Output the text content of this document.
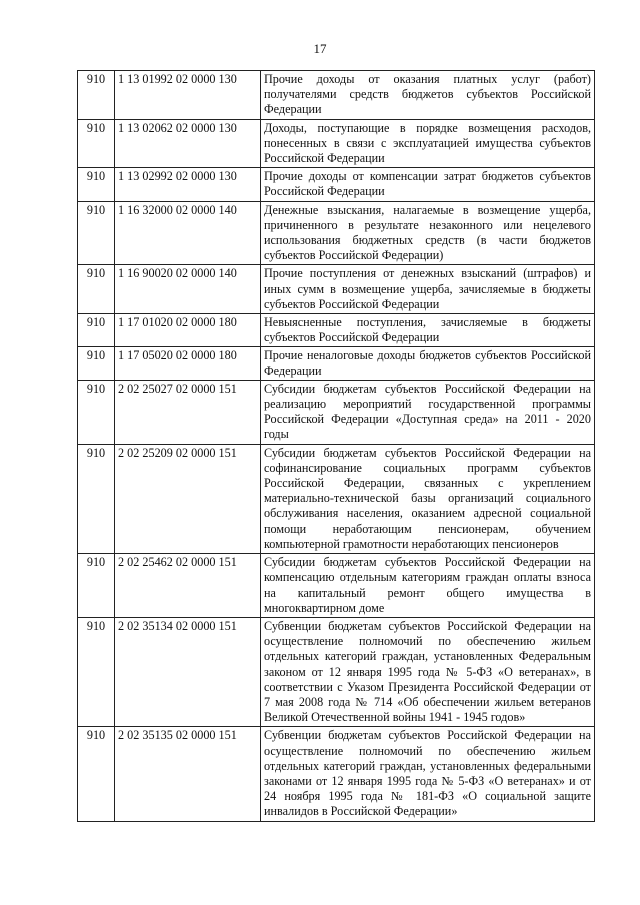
17
910	1 13 01992 02 0000 130	Прочие доходы от оказания платных услуг (работ) получателями средств бюджетов субъектов Российской Федерации
910	1 13 02062 02 0000 130	Доходы, поступающие в порядке возмещения расходов, понесенных в связи с эксплуатацией имущества субъектов Российской Федерации
910	1 13 02992 02 0000 130	Прочие доходы от компенсации затрат бюджетов субъектов Российской Федерации
910	1 16 32000 02 0000 140	Денежные взыскания, налагаемые в возмещение ущерба, причиненного в результате незаконного или нецелевого использования бюджетных средств (в части бюджетов субъектов Российской Федерации)
910	1 16 90020 02 0000 140	Прочие поступления от денежных взысканий (штрафов) и иных сумм в возмещение ущерба, зачисляемые в бюджеты субъектов Российской Федерации
910	1 17 01020 02 0000 180	Невыясненные поступления, зачисляемые в бюджеты субъектов Российской Федерации
910	1 17 05020 02 0000 180	Прочие неналоговые доходы бюджетов субъектов Российской Федерации
910	2 02 25027 02 0000 151	Субсидии бюджетам субъектов Российской Федерации на реализацию мероприятий государственной программы Российской Федерации «Доступная среда» на 2011 - 2020 годы
910	2 02 25209 02 0000 151	Субсидии бюджетам субъектов Российской Федерации на софинансирование социальных программ субъектов Российской Федерации, связанных с укреплением материально-технической базы организаций социального обслуживания населения, оказанием адресной социальной помощи неработающим пенсионерам, обучением компьютерной грамотности неработающих пенсионеров
910	2 02 25462 02 0000 151	Субсидии бюджетам субъектов Российской Федерации на компенсацию отдельным категориям граждан оплаты взноса на капитальный ремонт общего имущества в многоквартирном доме
910	2 02 35134 02 0000 151	Субвенции бюджетам субъектов Российской Федерации на осуществление полномочий по обеспечению жильем отдельных категорий граждан, установленных Федеральным законом от 12 января 1995 года № 5-ФЗ «О ветеранах», в соответствии с Указом Президента Российской Федерации от 7 мая 2008 года № 714 «Об обеспечении жильем ветеранов Великой Отечественной войны 1941 - 1945 годов»
910	2 02 35135 02 0000 151	Субвенции бюджетам субъектов Российской Федерации на осуществление полномочий по обеспечению жильем отдельных категорий граждан, установленных федеральными законами от 12 января 1995 года № 5-ФЗ «О ветеранах» и от 24 ноября 1995 года № 181-ФЗ «О социальной защите инвалидов в Российской Федерации»
